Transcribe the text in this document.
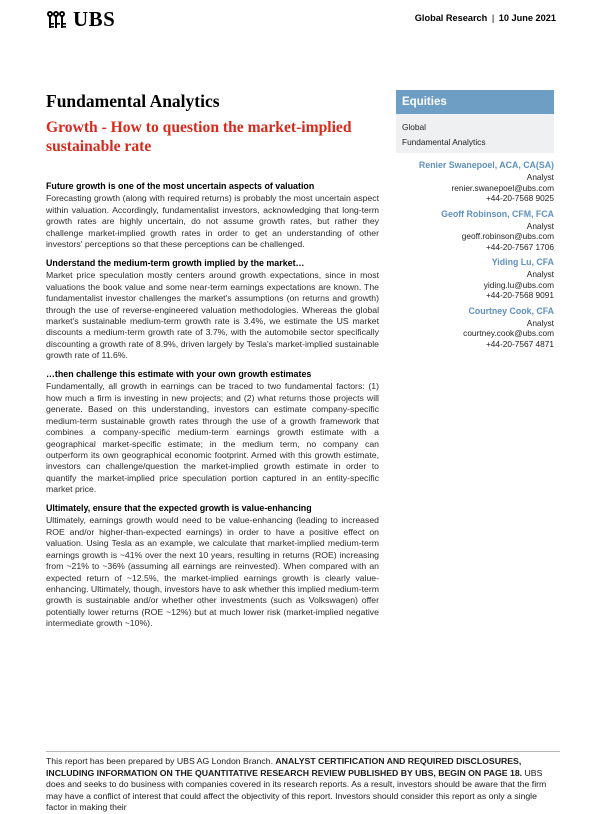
UBS	Global Research | 10 June 2021
Fundamental Analytics
Growth - How to question the market-implied sustainable rate
Equities
Global
Fundamental Analytics
Renier Swanepoel, ACA, CA(SA)
Analyst
renier.swanepoel@ubs.com
+44-20-7568 9025
Geoff Robinson, CFM, FCA
Analyst
geoff.robinson@ubs.com
+44-20-7567 1706
Yiding Lu, CFA
Analyst
yiding.lu@ubs.com
+44-20-7568 9091
Courtney Cook, CFA
Analyst
courtney.cook@ubs.com
+44-20-7567 4871

Future growth is one of the most uncertain aspects of valuation

Forecasting growth (along with required returns) is probably the most uncertain aspect within valuation. Accordingly, fundamentalist investors, acknowledging that long-term growth rates are highly uncertain, do not assume growth rates, but rather they challenge market-implied growth rates in order to get an understanding of other investors' perceptions so that these perceptions can be challenged.

Understand the medium-term growth implied by the market…

Market price speculation mostly centers around growth expectations, since in most valuations the book value and some near-term earnings expectations are known. The fundamentalist investor challenges the market's assumptions (on returns and growth) through the use of reverse-engineered valuation methodologies. Whereas the global market's sustainable medium-term growth rate is 3.4%, we estimate the US market discounts a medium-term growth rate of 3.7%, with the automobile sector specifically discounting a growth rate of 8.9%, driven largely by Tesla's market-implied sustainable growth rate of 11.6%.

…then challenge this estimate with your own growth estimates

Fundamentally, all growth in earnings can be traced to two fundamental factors: (1) how much a firm is investing in new projects; and (2) what returns those projects will generate. Based on this understanding, investors can estimate company-specific medium-term sustainable growth rates through the use of a growth framework that combines a company-specific medium-term earnings growth estimate with a geographical market-specific estimate; in the medium term, no company can outperform its own geographical economic footprint. Armed with this growth estimate, investors can challenge/question the market-implied growth estimate in order to quantify the market-implied price speculation portion captured in an entity-specific market price.

Ultimately, ensure that the expected growth is value-enhancing

Ultimately, earnings growth would need to be value-enhancing (leading to increased ROE and/or higher-than-expected earnings) in order to have a positive effect on valuation. Using Tesla as an example, we calculate that market-implied medium-term earnings growth is ~41% over the next 10 years, resulting in returns (ROE) increasing from ~21% to ~36% (assuming all earnings are reinvested). When compared with an expected return of ~12.5%, the market-implied earnings growth is clearly value-enhancing. Ultimately, though, investors have to ask whether this implied medium-term growth is sustainable and/or whether other investments (such as Volkswagen) offer potentially lower returns (ROE ~12%) but at much lower risk (market-implied negative intermediate growth ~10%).

This report has been prepared by UBS AG London Branch. ANALYST CERTIFICATION AND REQUIRED DISCLOSURES, INCLUDING INFORMATION ON THE QUANTITATIVE RESEARCH REVIEW PUBLISHED BY UBS, BEGIN ON PAGE 18. UBS does and seeks to do business with companies covered in its research reports. As a result, investors should be aware that the firm may have a conflict of interest that could affect the objectivity of this report. Investors should consider this report as only a single factor in making their
